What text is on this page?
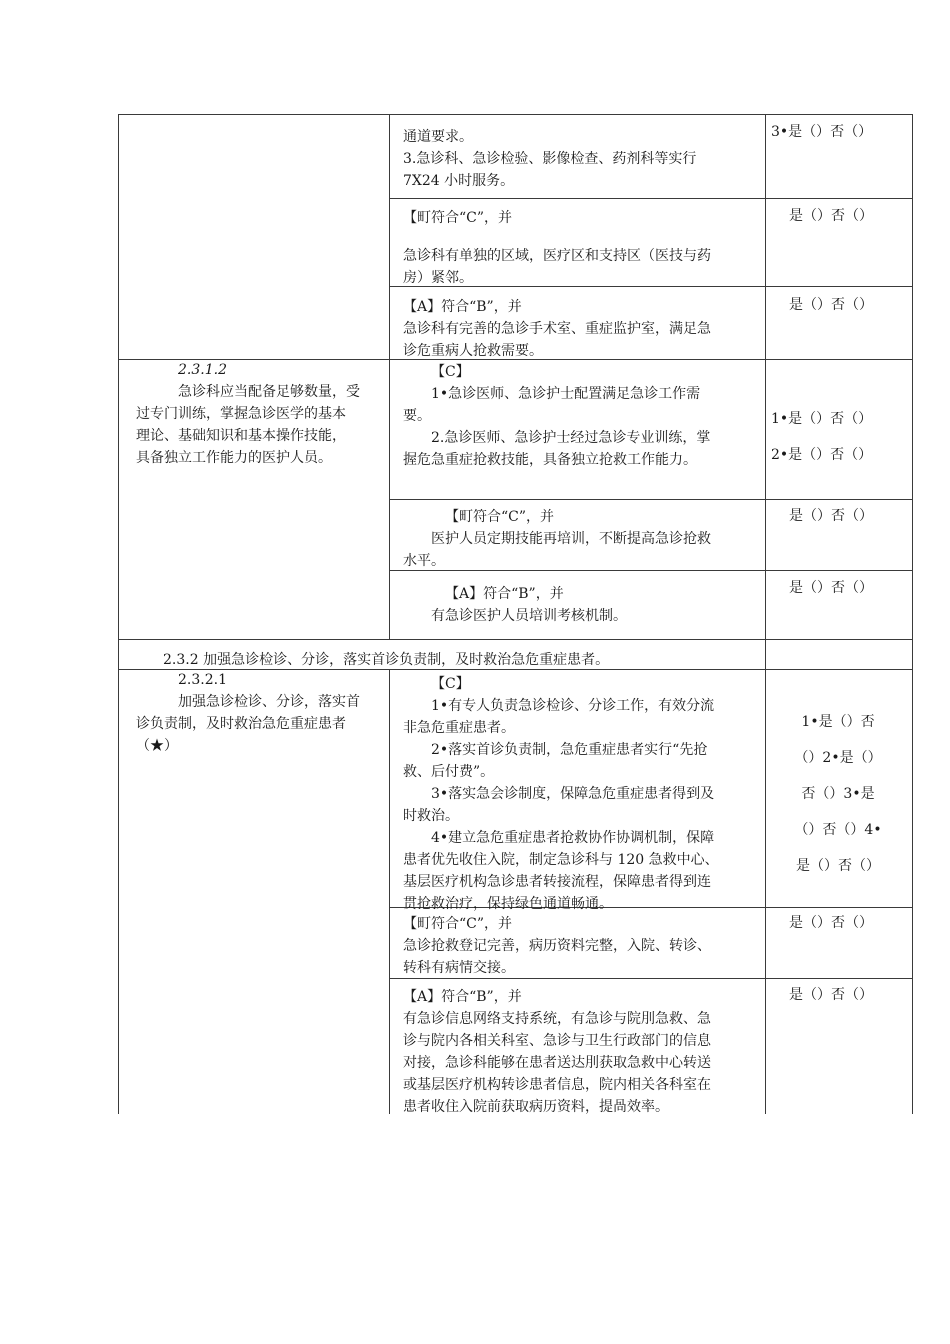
通道要求。

3.急诊科、急诊检验、影像检查、药剂科等实行

7X24 小时服务。

3•是（）否（）

【町符合“C”，并

急诊科有单独的区域，医疗区和支持区（医技与药

房）紧邻。

是（）否（）

【A】符合“B”，并

急诊科有完善的急诊手术室、重症监护室，满足急

诊危重病人抢救需要。

是（）否（）

2.3.1.2

急诊科应当配备足够数量，受

过专门训练，掌握急诊医学的基本

理论、基础知识和基本操作技能，

具备独立工作能力的医护人员。

【C】

1•急诊医师、急诊护士配置满足急诊工作需

要。

2.急诊医师、急诊护士经过急诊专业训练，掌

握危急重症抢救技能，具备独立抢救工作能力。

1•是（）否（）

2•是（）否（）

【町符合“C”，并

医护人员定期技能再培训，不断提高急诊抢救

水平。

是（）否（）

【A】符合“B”，并

有急诊医护人员培训考核机制。

是（）否（）

2.3.2 加强急诊检诊、分诊，落实首诊负责制，及时救治急危重症患者。

2.3.2.1

加强急诊检诊、分诊，落实首

诊负责制，及时救治急危重症患者

（★）

【C】

1•有专人负责急诊检诊、分诊工作，有效分流

非急危重症患者。

2•落实首诊负责制，急危重症患者实行“先抢

救、后付费”。

3•落实急会诊制度，保障急危重症患者得到及

时救治。

4•建立急危重症患者抢救协作协调机制，保障

患者优先收住入院，制定急诊科与 120 急救中心、

基层医疗机构急诊患者转接流程，保障患者得到连

贯抢救治疗，保持绿色通道畅通。

1•是（）否

（）2•是（）

否（）3•是

（）否（）4•

是（）否（）

【町符合“C”，并

急诊抢救登记完善，病历资料完整，入院、转诊、

转科有病情交接。

是（）否（）

【A】符合“B”，并

有急诊信息网络支持系统，有急诊与院刖急救、急

诊与院内各相关科室、急诊与卫生行政部门的信息

对接，急诊科能够在患者送达刖获取急救中心转送

或基层医疗机构转诊患者信息，院内相关各科室在

患者收住入院前获取病历资料，提咼效率。

是（）否（）
